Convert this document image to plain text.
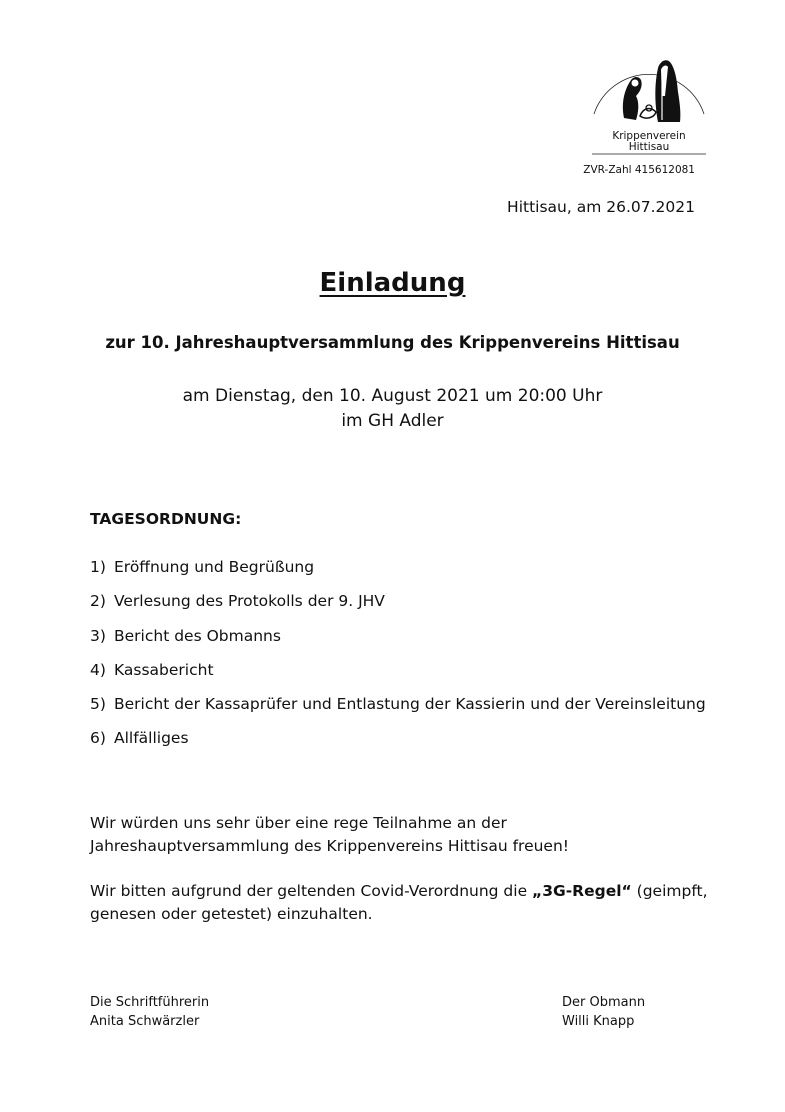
Krippenverein
Hittisau
ZVR-Zahl 415612081
Hittisau, am 26.07.2021
Einladung
zur 10. Jahreshauptversammlung des Krippenvereins Hittisau
am Dienstag, den 10. August 2021 um 20:00 Uhr
im GH Adler
TAGESORDNUNG:
1) Eröffnung und Begrüßung
2) Verlesung des Protokolls der 9. JHV
3) Bericht des Obmanns
4) Kassabericht
5) Bericht der Kassaprüfer und Entlastung der Kassierin und der Vereinsleitung
6) Allfälliges
Wir würden uns sehr über eine rege Teilnahme an der
Jahreshauptversammlung des Krippenvereins Hittisau freuen!
Wir bitten aufgrund der geltenden Covid-Verordnung die „3G-Regel“ (geimpft,
genesen oder getestet) einzuhalten.
Die Schriftführerin
Anita Schwärzler
Der Obmann
Willi Knapp
